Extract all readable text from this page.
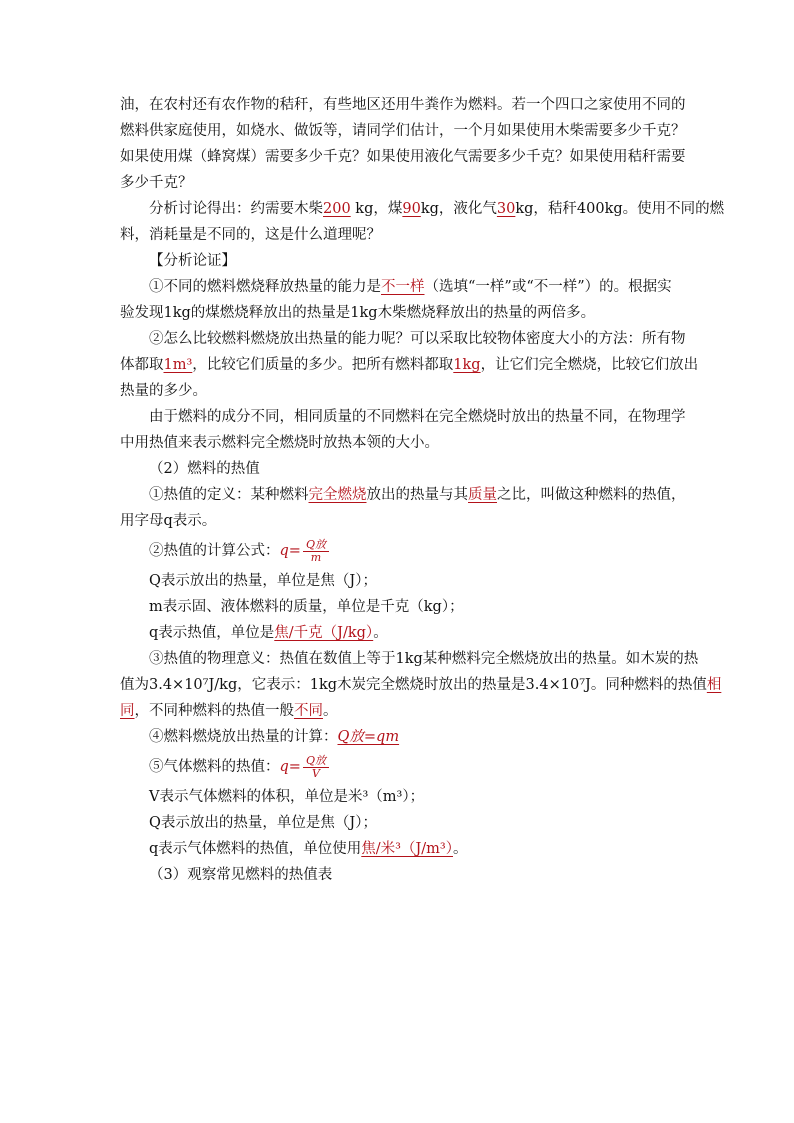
油，在农村还有农作物的秸秆，有些地区还用牛粪作为燃料。若一个四口之家使用不同的
燃料供家庭使用，如烧水、做饭等，请同学们估计，一个月如果使用木柴需要多少千克？
如果使用煤（蜂窝煤）需要多少千克？如果使用液化气需要多少千克？如果使用秸秆需要
多少千克？
分析讨论得出：约需要木柴200 kg，煤90kg，液化气30kg，秸秆400kg。使用不同的燃
料，消耗量是不同的，这是什么道理呢？
【分析论证】
①不同的燃料燃烧释放热量的能力是不一样（选填“一样”或“不一样”）的。根据实
验发现1kg的煤燃烧释放出的热量是1kg木柴燃烧释放出的热量的两倍多。
②怎么比较燃料燃烧放出热量的能力呢？可以采取比较物体密度大小的方法：所有物
体都取1m³，比较它们质量的多少。把所有燃料都取1kg，让它们完全燃烧，比较它们放出
热量的多少。
由于燃料的成分不同，相同质量的不同燃料在完全燃烧时放出的热量不同，在物理学
中用热值来表示燃料完全燃烧时放热本领的大小。
（2）燃料的热值
①热值的定义：某种燃料完全燃烧放出的热量与其质量之比，叫做这种燃料的热值，
用字母q表示。
②热值的计算公式： $q= \frac{\text{Q放}}{m}$
Q表示放出的热量，单位是焦（J）；
m表示固、液体燃料的质量，单位是千克（kg）；
q表示热值，单位是焦/千克（J/kg）。
③热值的物理意义：热值在数值上等于1kg某种燃料完全燃烧放出的热量。如木炭的热
值为3.4×10⁷J/kg，它表示：1kg木炭完全燃烧时放出的热量是3.4×10⁷J。同种燃料的热值相
同，不同种燃料的热值一般不同。
④燃料燃烧放出热量的计算：Q放=qm
⑤气体燃料的热值： $q= \frac{\text{Q放}}{V}$
V表示气体燃料的体积，单位是米³（m³）；
Q表示放出的热量，单位是焦（J）；
q表示气体燃料的热值，单位使用焦/米³（J/m³）。
（3）观察常见燃料的热值表
